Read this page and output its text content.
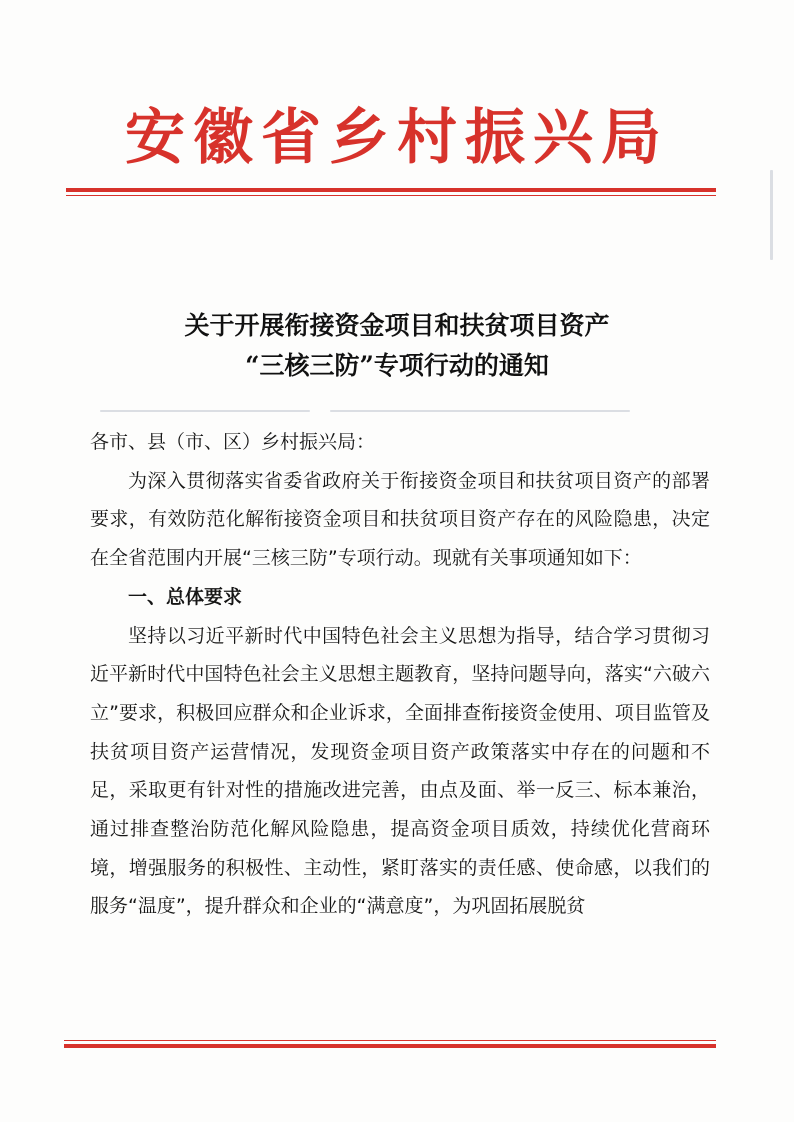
安徽省乡村振兴局
关于开展衔接资金项目和扶贫项目资产
“三核三防”专项行动的通知

各市、县（市、区）乡村振兴局：

为深入贯彻落实省委省政府关于衔接资金项目和扶贫项目资产的部署要求，有效防范化解衔接资金项目和扶贫项目资产存在的风险隐患，决定在全省范围内开展“三核三防”专项行动。现就有关事项通知如下：

一、总体要求

坚持以习近平新时代中国特色社会主义思想为指导，结合学习贯彻习近平新时代中国特色社会主义思想主题教育，坚持问题导向，落实“六破六立”要求，积极回应群众和企业诉求，全面排查衔接资金使用、项目监管及扶贫项目资产运营情况，发现资金项目资产政策落实中存在的问题和不足，采取更有针对性的措施改进完善，由点及面、举一反三、标本兼治，通过排查整治防范化解风险隐患，提高资金项目质效，持续优化营商环境，增强服务的积极性、主动性，紧盯落实的责任感、使命感，以我们的服务“温度”，提升群众和企业的“满意度”，为巩固拓展脱贫
